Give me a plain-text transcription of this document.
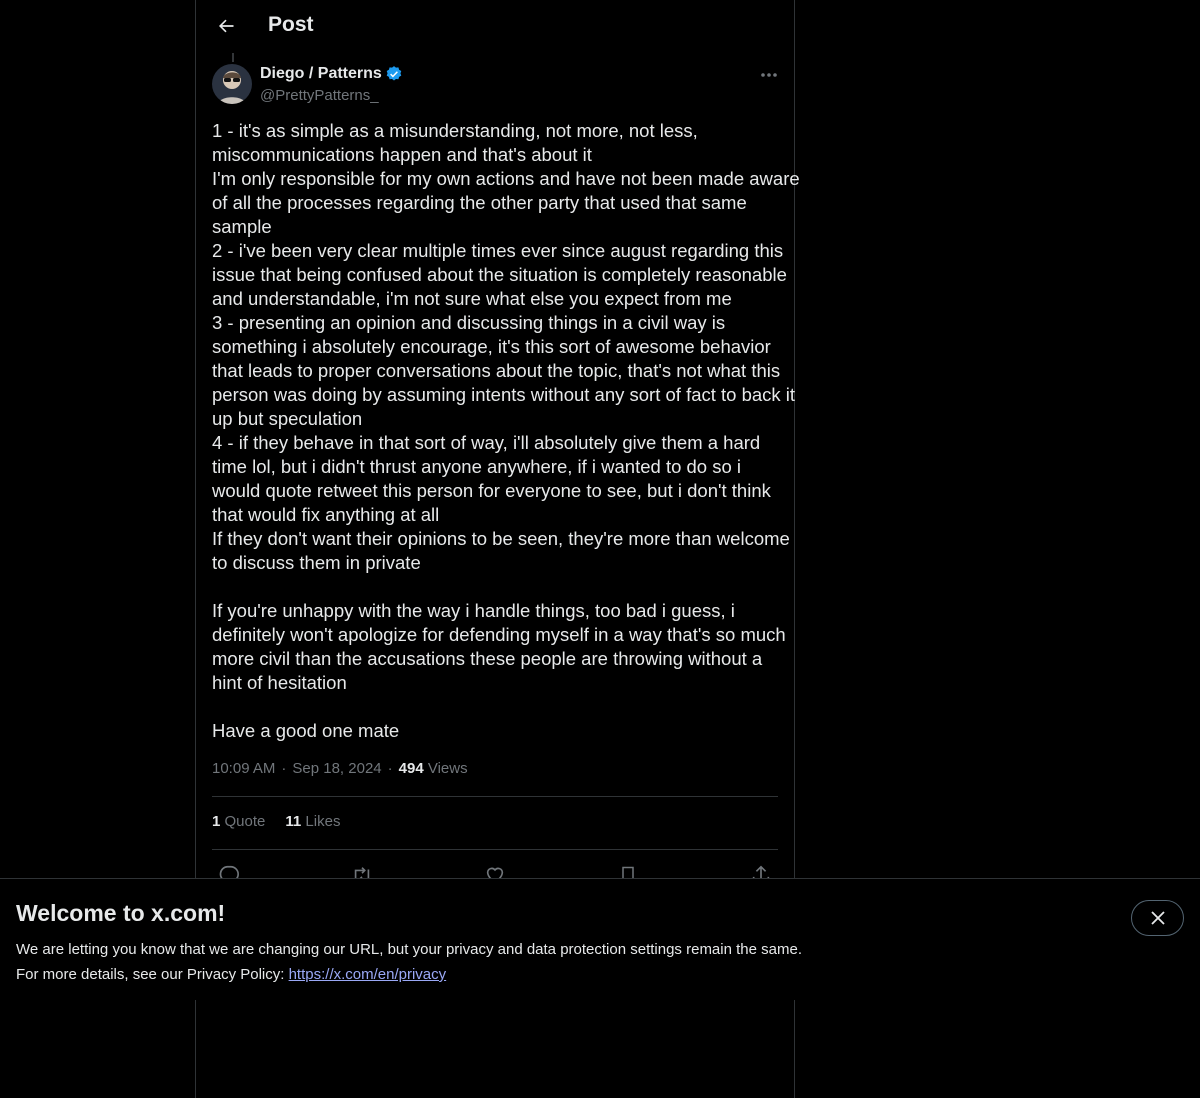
Post
Diego / Patterns
@PrettyPatterns_

1 - it's as simple as a misunderstanding, not more, not less,

miscommunications happen and that's about it

I'm only responsible for my own actions and have not been made aware

of all the processes regarding the other party that used that same

sample

2 - i've been very clear multiple times ever since august regarding this

issue that being confused about the situation is completely reasonable

and understandable, i'm not sure what else you expect from me

3 - presenting an opinion and discussing things in a civil way is

something i absolutely encourage, it's this sort of awesome behavior

that leads to proper conversations about the topic, that's not what this

person was doing by assuming intents without any sort of fact to back it

up but speculation

4 - if they behave in that sort of way, i'll absolutely give them a hard

time lol, but i didn't thrust anyone anywhere, if i wanted to do so i

would quote retweet this person for everyone to see, but i don't think

that would fix anything at all

If they don't want their opinions to be seen, they're more than welcome

to discuss them in private

If you're unhappy with the way i handle things, too bad i guess, i

definitely won't apologize for defending myself in a way that's so much

more civil than the accusations these people are throwing without a

hint of hesitation

Have a good one mate

10:09 AM · Sep 18, 2024 · 494 Views
1 Quote 11 Likes
Welcome to x.com!
We are letting you know that we are changing our URL, but your privacy and data protection settings remain the same.
For more details, see our Privacy Policy: https://x.com/en/privacy
